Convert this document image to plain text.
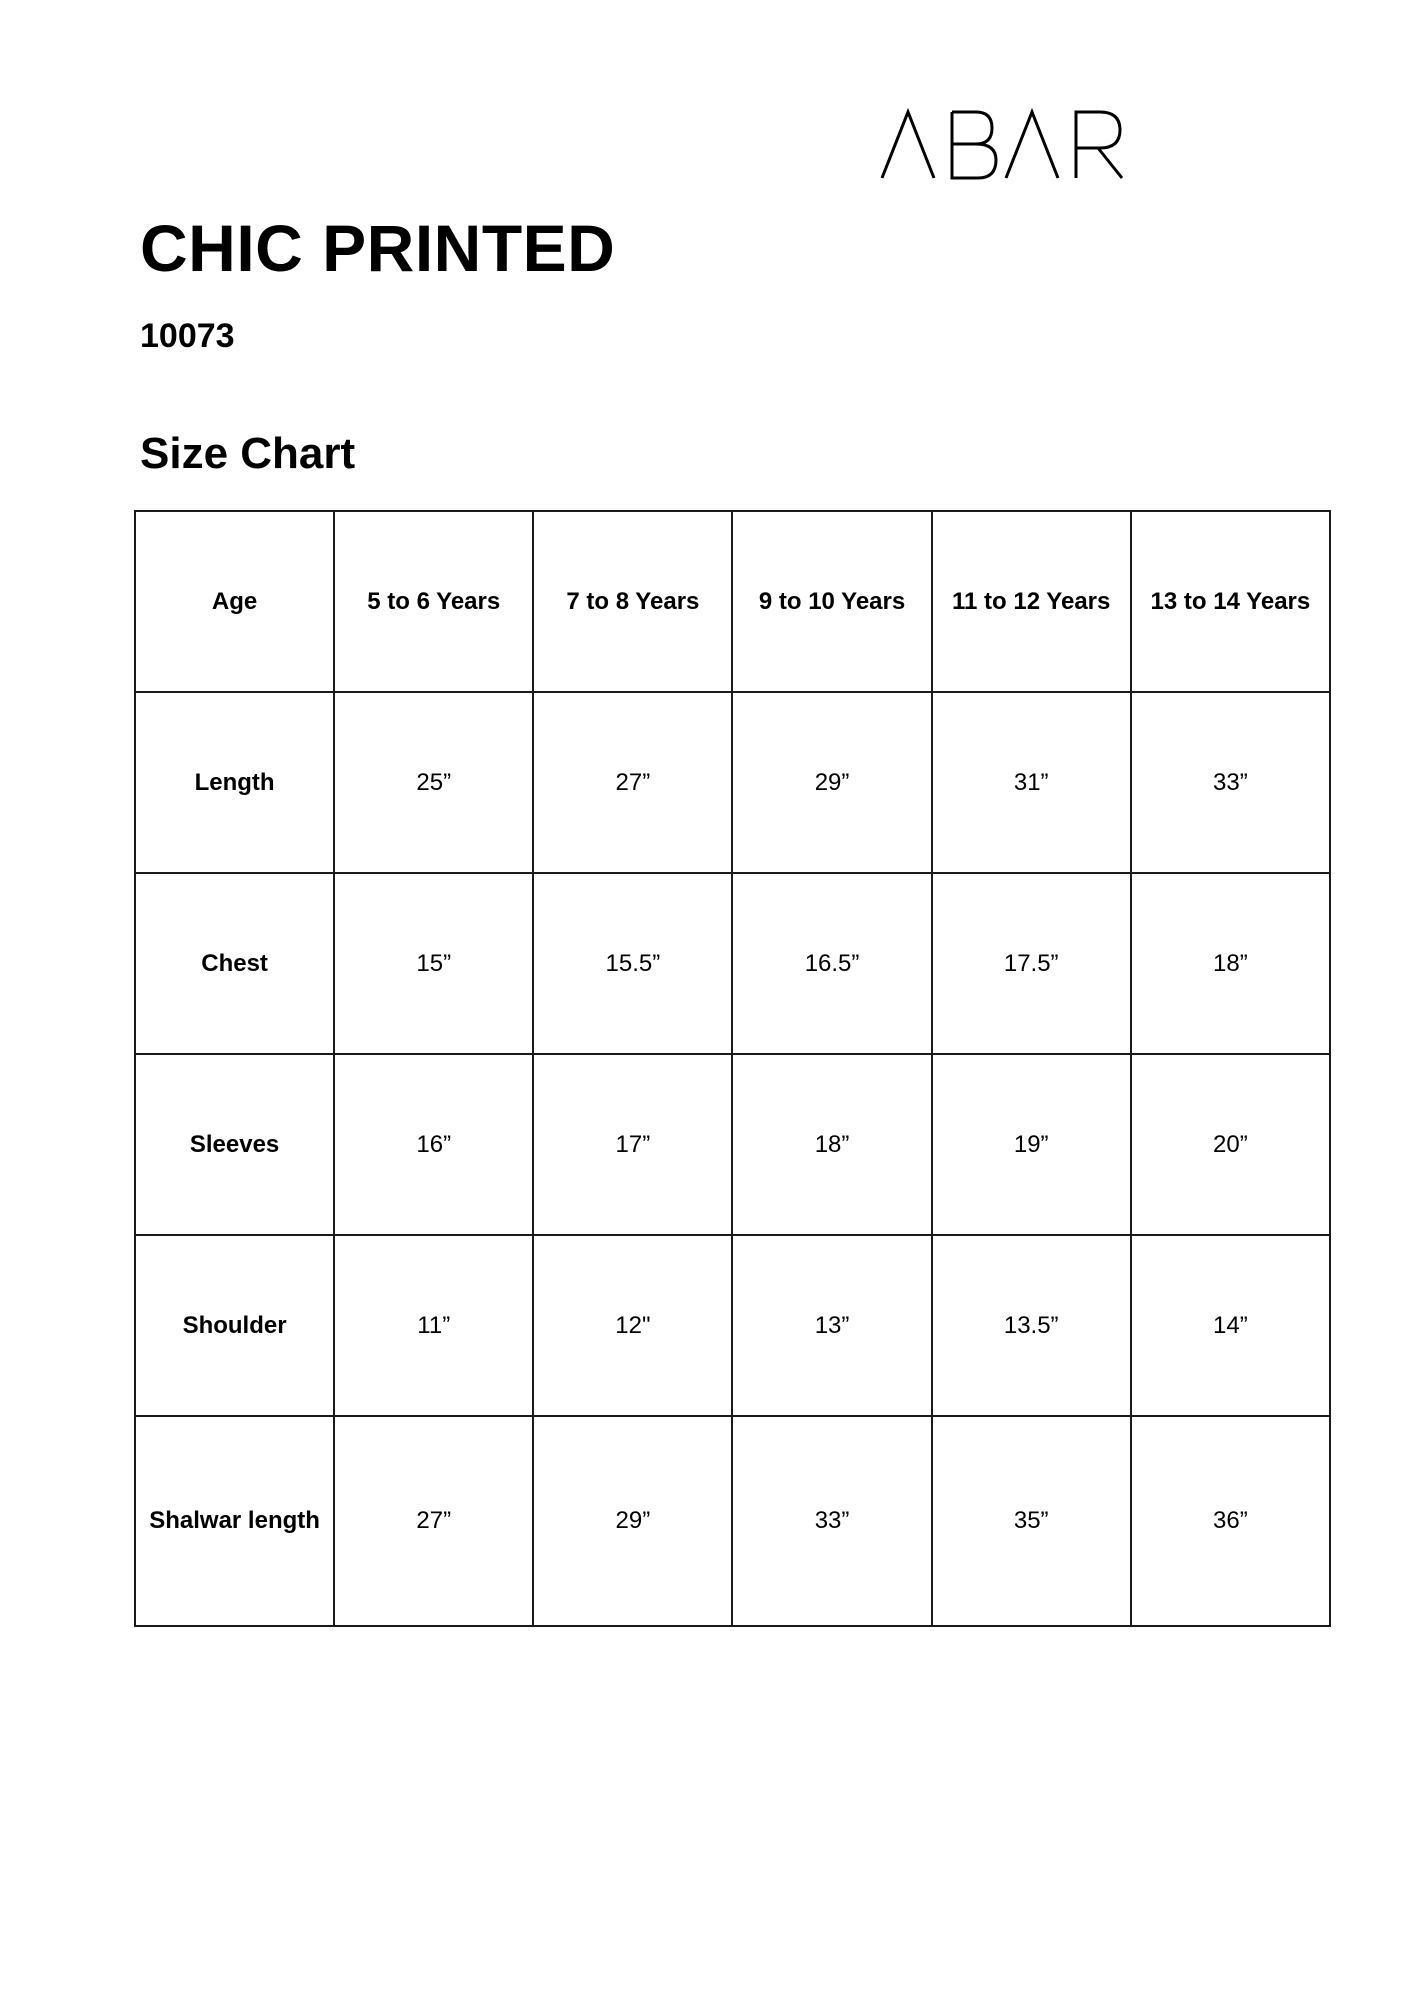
CHIC PRINTED
10073
Size Chart
Age	5 to 6 Years	7 to 8 Years	9 to 10 Years	11 to 12 Years	13 to 14 Years
Length	25”	27”	29”	31”	33”
Chest	15”	15.5”	16.5”	17.5”	18”
Sleeves	16”	17”	18”	19”	20”
Shoulder	11”	12"	13”	13.5”	14”
Shalwar length	27”	29”	33”	35”	36”
